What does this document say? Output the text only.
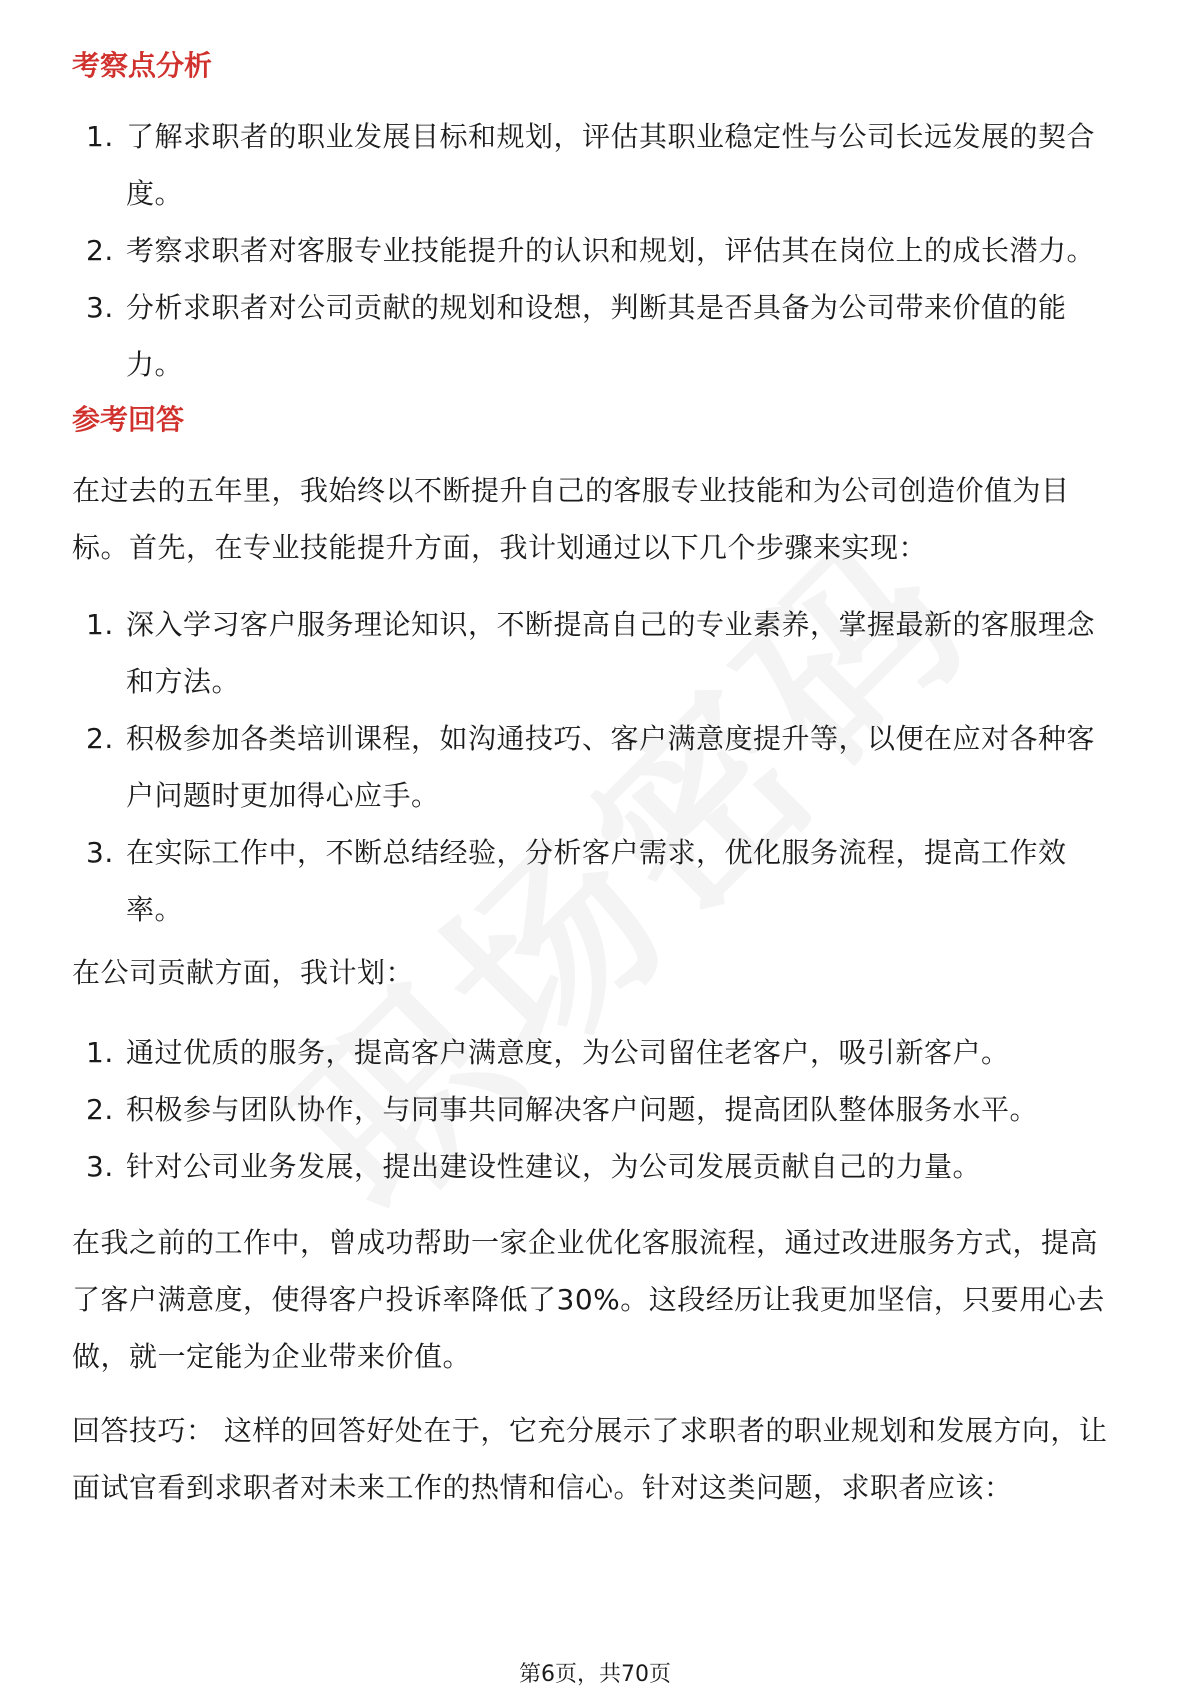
考察点分析
1. 了解求职者的职业发展目标和规划，评估其职业稳定性与公司长远发展的契合度。
2. 考察求职者对客服专业技能提升的认识和规划，评估其在岗位上的成长潜力。
3. 分析求职者对公司贡献的规划和设想，判断其是否具备为公司带来价值的能力。
参考回答

在过去的五年里，我始终以不断提升自己的客服专业技能和为公司创造价值为目标。首先，在专业技能提升方面，我计划通过以下几个步骤来实现：

1. 深入学习客户服务理论知识，不断提高自己的专业素养，掌握最新的客服理念和方法。
2. 积极参加各类培训课程，如沟通技巧、客户满意度提升等，以便在应对各种客户问题时更加得心应手。
3. 在实际工作中，不断总结经验，分析客户需求，优化服务流程，提高工作效率。

在公司贡献方面，我计划：

1. 通过优质的服务，提高客户满意度，为公司留住老客户，吸引新客户。
2. 积极参与团队协作，与同事共同解决客户问题，提高团队整体服务水平。
3. 针对公司业务发展，提出建设性建议，为公司发展贡献自己的力量。

在我之前的工作中，曾成功帮助一家企业优化客服流程，通过改进服务方式，提高了客户满意度，使得客户投诉率降低了30%。这段经历让我更加坚信，只要用心去做，就一定能为企业带来价值。

回答技巧： 这样的回答好处在于，它充分展示了求职者的职业规划和发展方向，让面试官看到求职者对未来工作的热情和信心。针对这类问题，求职者应该：

第6页，共70页
